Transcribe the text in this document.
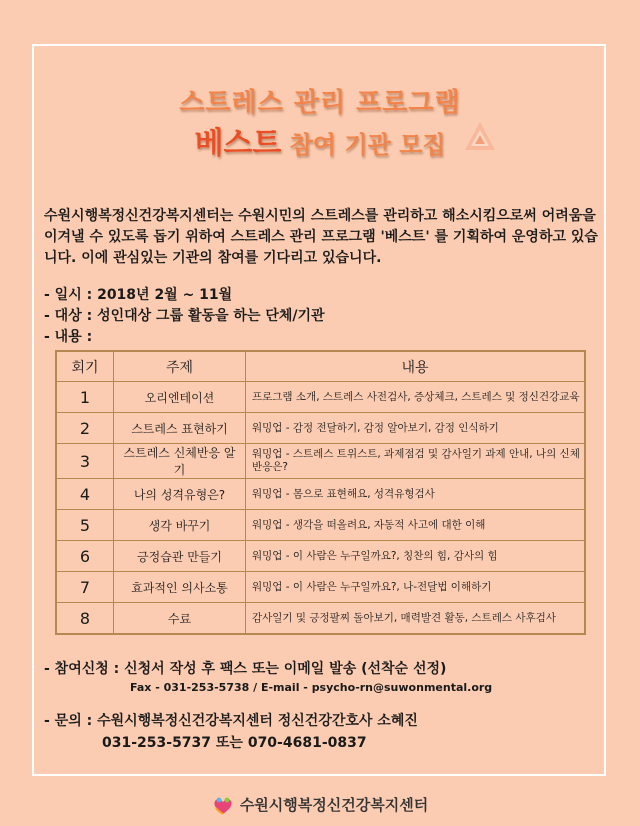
스트레스 관리 프로그램
베스트 참여 기관 모집
수원시행복정신건강복지센터는 수원시민의 스트레스를 관리하고 해소시킴으로써 어려움을 이겨낼 수 있도록 돕기 위하여 스트레스 관리 프로그램 '베스트' 를 기획하여 운영하고 있습니다. 이에 관심있는 기관의 참여를 기다리고 있습니다.
- 일시 : 2018년 2월 ~ 11월
- 대상 : 성인대상 그룹 활동을 하는 단체/기관
- 내용 :
회기	주제	내용
1	오리엔테이션	프로그램 소개, 스트레스 사전검사, 증상체크, 스트레스 및 정신건강교육
2	스트레스 표현하기	워밍업 - 감정 전달하기, 감정 알아보기, 감정 인식하기
3	스트레스 신체반응 알기	워밍업 - 스트레스 트위스트, 과제점검 및 감사일기 과제 안내, 나의 신체반응은?
4	나의 성격유형은?	워밍업 - 몸으로 표현해요, 성격유형검사
5	생각 바꾸기	워밍업 - 생각을 떠올려요, 자동적 사고에 대한 이해
6	긍정습관 만들기	워밍업 - 이 사람은 누구일까요?, 칭찬의 힘, 감사의 힘
7	효과적인 의사소통	워밍업 - 이 사람은 누구일까요?, 나-전달법 이해하기
8	수료	감사일기 및 긍정팔찌 돌아보기, 매력발견 활동, 스트레스 사후검사
- 참여신청 : 신청서 작성 후 팩스 또는 이메일 발송 (선착순 선정)
Fax - 031-253-5738 / E-mail - psycho-rn@suwonmental.org
- 문의 : 수원시행복정신건강복지센터 정신건강간호사 소혜진
031-253-5737 또는 070-4681-0837
수원시행복정신건강복지센터
